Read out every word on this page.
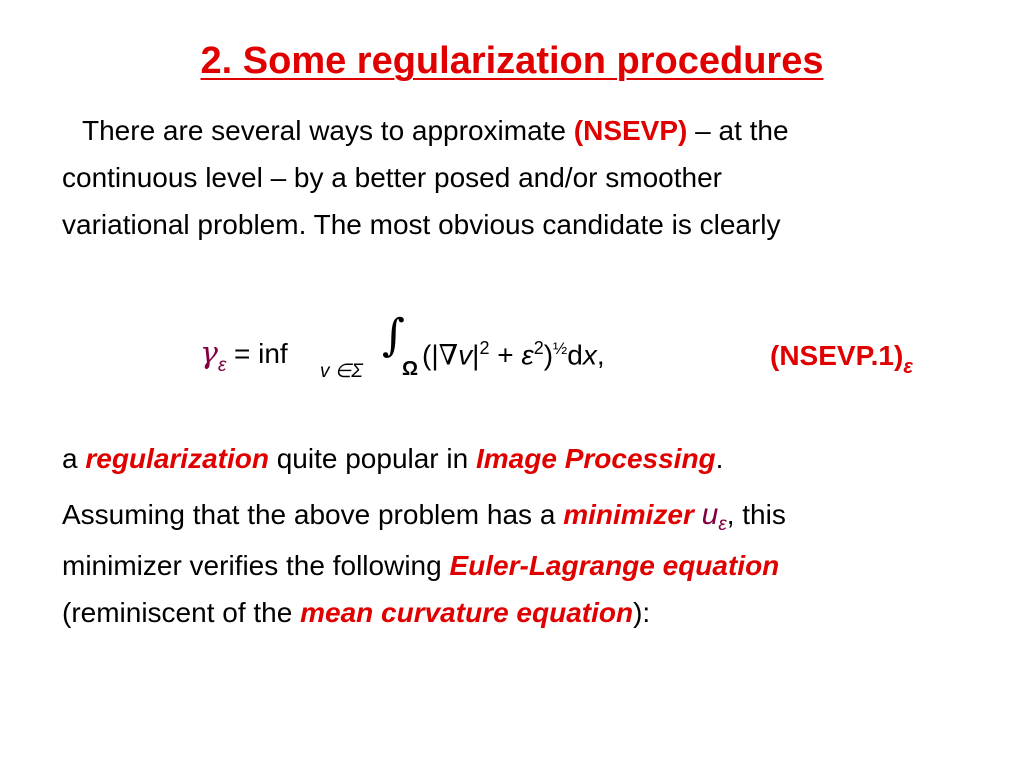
2. Some regularization procedures
There are several ways to approximate (NSEVP) – at the
continuous level – by a better posed and/or smoother
variational problem. The most obvious candidate is clearly
$\gamma_\varepsilon$ = inf
v ∈Σ
∫
Ω $(|\nabla v|^2 + \varepsilon^2)^{\frac{1}{2}}dx$,	$(NSEVP.1)_\varepsilon$
a regularization quite popular in Image Processing.
Assuming that the above problem has a minimizer $u_\varepsilon$, this
minimizer verifies the following Euler-Lagrange equation
(reminiscent of the mean curvature equation):
